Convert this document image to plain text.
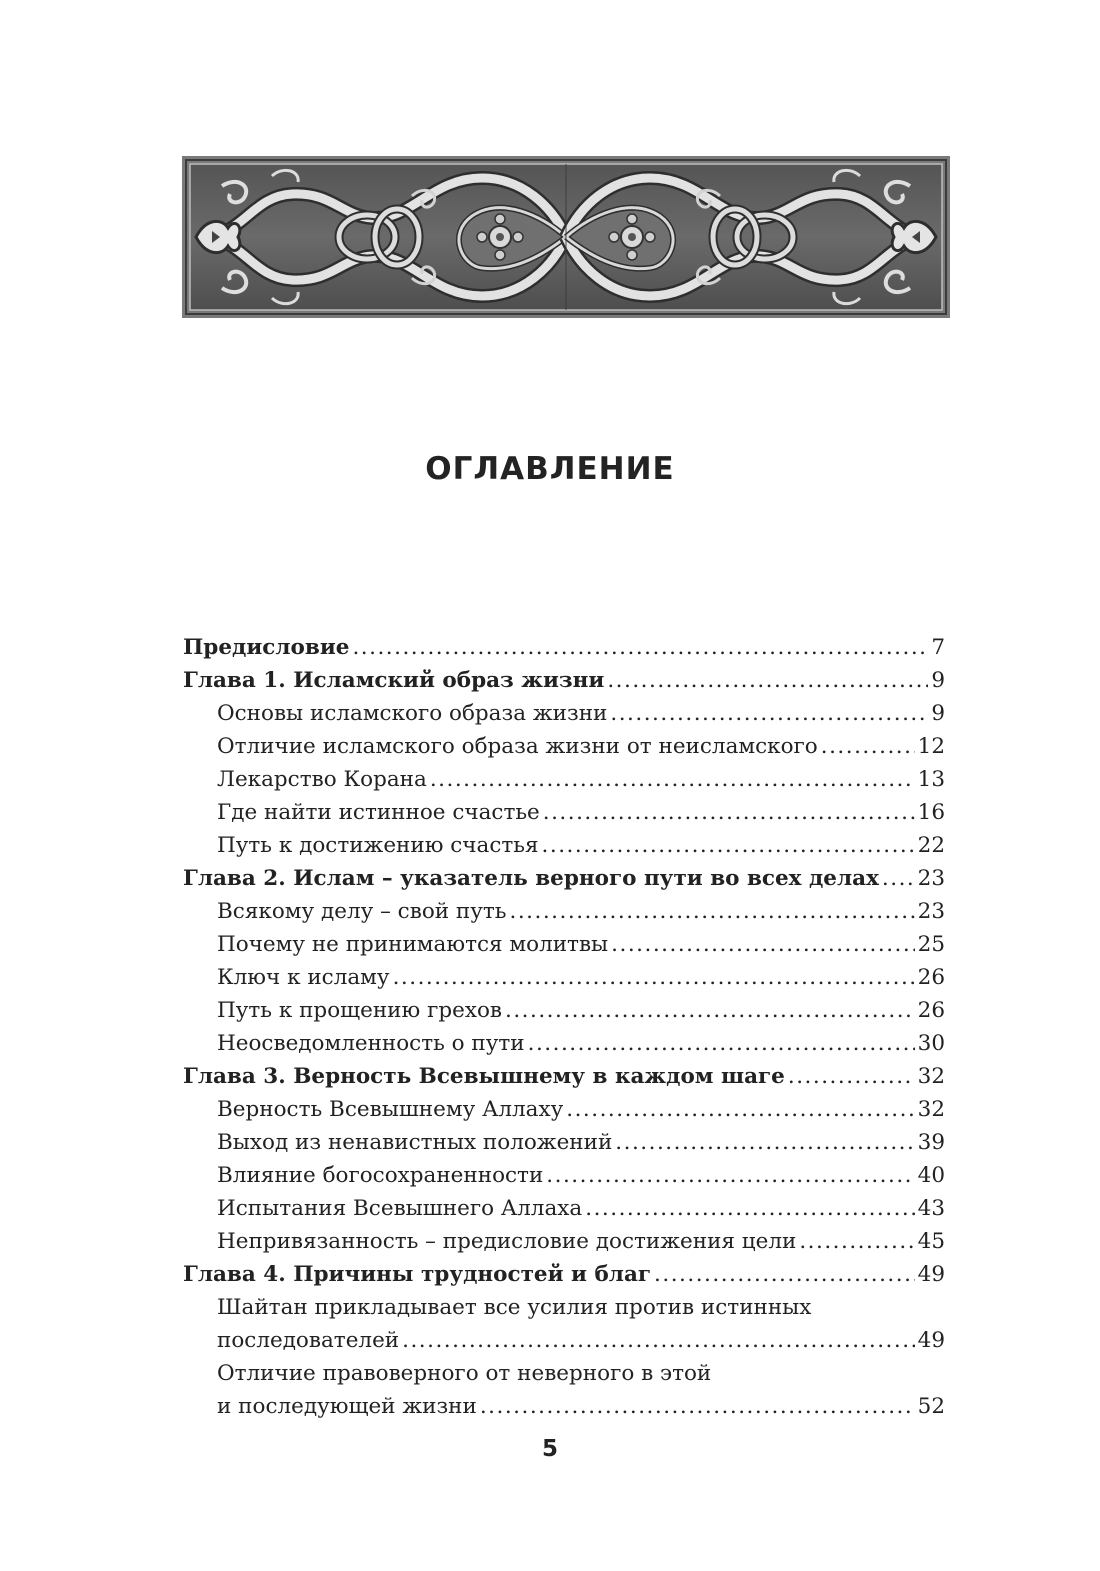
ОГЛАВЛЕНИЕ
Предисловие .....	7
Глава 1. Исламский образ жизни .....	9
Основы исламского образа жизни .....	9
Отличие исламского образа жизни от неисламского .....	12
Лекарство Корана .....	13
Где найти истинное счастье .....	16
Путь к достижению счастья .....	22
Глава 2. Ислам – указатель верного пути во всех делах ..... 23
Всякому делу – свой путь .....	23
Почему не принимаются молитвы .....	25
Ключ к исламу .....	26
Путь к прощению грехов .....	26
Неосведомленность о пути .....	30
Глава 3. Верность Всевышнему в каждом шаге .....	32
Верность Всевышнему Аллаху .....	32
Выход из ненавистных положений .....	39
Влияние богосохраненности .....	40
Испытания Всевышнего Аллаха .....	43
Непривязанность – предисловие достижения цели .....	45
Глава 4. Причины трудностей и благ .....	49
Шайтан прикладывает все усилия против истинных
последователей .....	49
Отличие правоверного от неверного в этой
и последующей жизни .....	52
5
